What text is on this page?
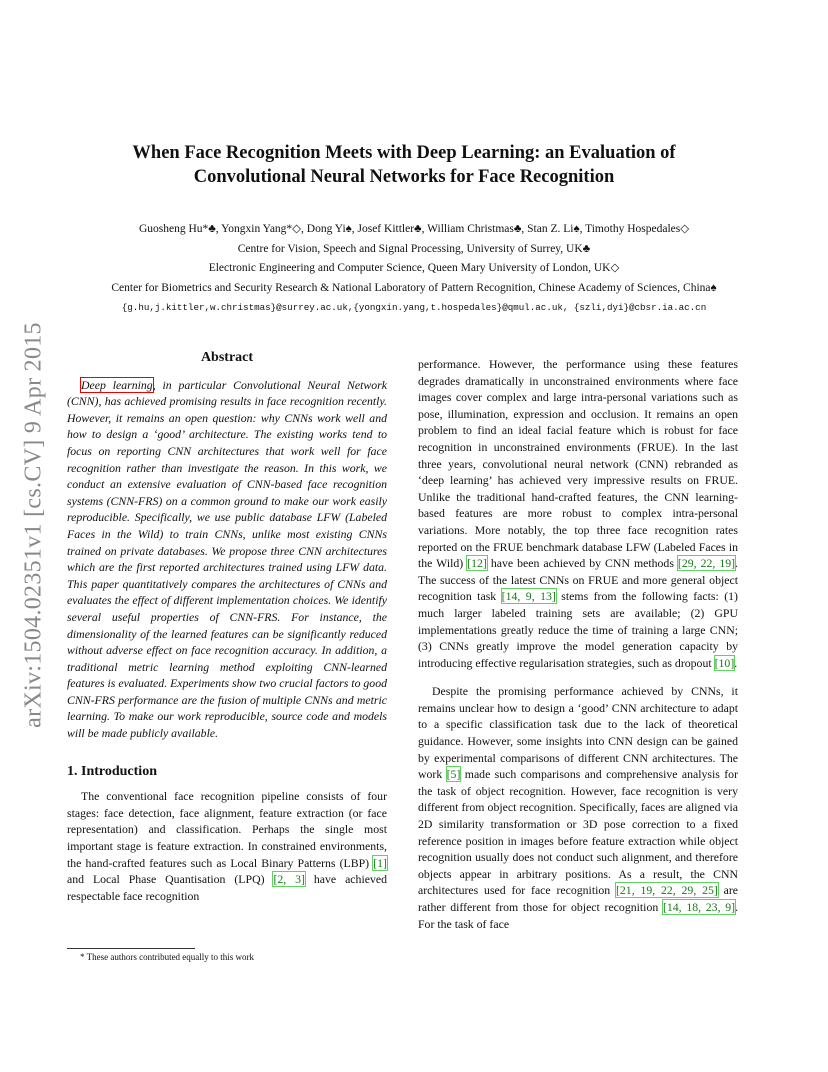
arXiv:1504.02351v1 [cs.CV] 9 Apr 2015
When Face Recognition Meets with Deep Learning: an Evaluation of
Convolutional Neural Networks for Face Recognition
Guosheng Hu*♣, Yongxin Yang*◇, Dong Yi♠, Josef Kittler♣, William Christmas♣, Stan Z. Li♠, Timothy Hospedales◇
Centre for Vision, Speech and Signal Processing, University of Surrey, UK♣
Electronic Engineering and Computer Science, Queen Mary University of London, UK◇
Center for Biometrics and Security Research & National Laboratory of Pattern Recognition, Chinese Academy of Sciences, China♠
{g.hu,j.kittler,w.christmas}@surrey.ac.uk,{yongxin.yang,t.hospedales}@qmul.ac.uk, {szli,dyi}@cbsr.ia.ac.cn
Abstract

Deep learning, in particular Convolutional Neural Network (CNN), has achieved promising results in face recognition recently. However, it remains an open question: why CNNs work well and how to design a ‘good’ architecture. The existing works tend to focus on reporting CNN architectures that work well for face recognition rather than investigate the reason. In this work, we conduct an extensive evaluation of CNN-based face recognition systems (CNN-FRS) on a common ground to make our work easily reproducible. Specifically, we use public database LFW (Labeled Faces in the Wild) to train CNNs, unlike most existing CNNs trained on private databases. We propose three CNN architectures which are the first reported architectures trained using LFW data. This paper quantitatively compares the architectures of CNNs and evaluates the effect of different implementation choices. We identify several useful properties of CNN-FRS. For instance, the dimensionality of the learned features can be significantly reduced without adverse effect on face recognition accuracy. In addition, a traditional metric learning method exploiting CNN-learned features is evaluated. Experiments show two crucial factors to good CNN-FRS performance are the fusion of multiple CNNs and metric learning. To make our work reproducible, source code and models will be made publicly available.

1. Introduction

The conventional face recognition pipeline consists of four stages: face detection, face alignment, feature extraction (or face representation) and classification. Perhaps the single most important stage is feature extraction. In constrained environments, the hand-crafted features such as Local Binary Patterns (LBP) [1] and Local Phase Quantisation (LPQ) [2, 3] have achieved respectable face recognition

performance. However, the performance using these features degrades dramatically in unconstrained environments where face images cover complex and large intra-personal variations such as pose, illumination, expression and occlusion. It remains an open problem to find an ideal facial feature which is robust for face recognition in unconstrained environments (FRUE). In the last three years, convolutional neural network (CNN) rebranded as ‘deep learning’ has achieved very impressive results on FRUE. Unlike the traditional hand-crafted features, the CNN learning-based features are more robust to complex intra-personal variations. More notably, the top three face recognition rates reported on the FRUE benchmark database LFW (Labeled Faces in the Wild) [12] have been achieved by CNN methods [29, 22, 19]. The success of the latest CNNs on FRUE and more general object recognition task [14, 9, 13] stems from the following facts: (1) much larger labeled training sets are available; (2) GPU implementations greatly reduce the time of training a large CNN; (3) CNNs greatly improve the model generation capacity by introducing effective regularisation strategies, such as dropout [10].

Despite the promising performance achieved by CNNs, it remains unclear how to design a ‘good’ CNN architecture to adapt to a specific classification task due to the lack of theoretical guidance. However, some insights into CNN design can be gained by experimental comparisons of different CNN architectures. The work [5] made such comparisons and comprehensive analysis for the task of object recognition. However, face recognition is very different from object recognition. Specifically, faces are aligned via 2D similarity transformation or 3D pose correction to a fixed reference position in images before feature extraction while object recognition usually does not conduct such alignment, and therefore objects appear in arbitrary positions. As a result, the CNN architectures used for face recognition [21, 19, 22, 29, 25] are rather different from those for object recognition [14, 18, 23, 9]. For the task of face

* These authors contributed equally to this work
